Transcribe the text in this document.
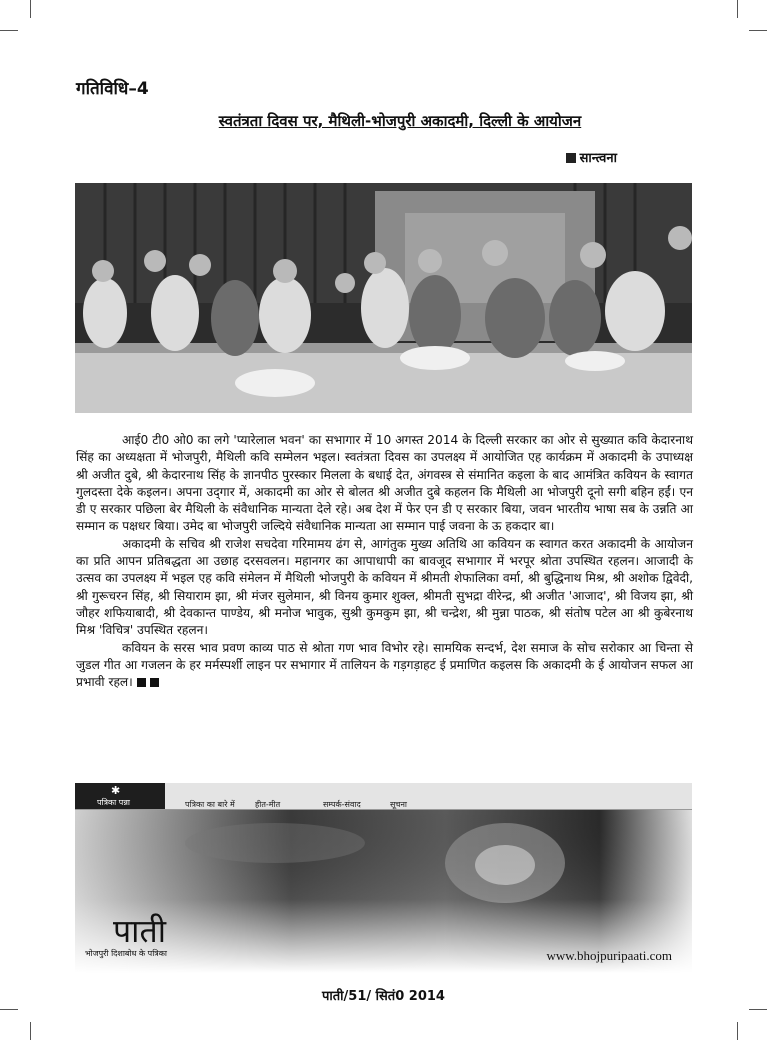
गतिविधि–4
स्वतंत्रता दिवस पर, मैथिली-भोजपुरी अकादमी, दिल्ली के आयोजन
सान्त्वना

आई0 टी0 ओ0 का लगे 'प्यारेलाल भवन' का सभागार में 10 अगस्त 2014 के दिल्ली सरकार का ओर से सुख्यात कवि केदारनाथ सिंह का अध्यक्षता में भोजपुरी, मैथिली कवि सम्मेलन भइल। स्वतंत्रता दिवस का उपलक्ष्य में आयोजित एह कार्यक्रम में अकादमी के उपाध्यक्ष श्री अजीत दुबे, श्री केदारनाथ सिंह के ज्ञानपीठ पुरस्कार मिलला के बधाई देत, अंगवस्त्र से संमानित कइला के बाद आमंत्रित कवियन के स्वागत गुलदस्ता देके कइलन। अपना उद्‌गार में, अकादमी का ओर से बोलत श्री अजीत दुबे कहलन कि मैथिली आ भोजपुरी दूनो सगी बहिन हईं। एन डी ए सरकार पछिला बेर मैथिली के संवैधानिक मान्यता देले रहे। अब देश में फेर एन डी ए सरकार बिया, जवन भारतीय भाषा सब के उन्नति आ सम्मान क पक्षधर बिया। उमेद बा भोजपुरी जल्दिये संवैधानिक मान्यता आ सम्मान पाई जवना के ऊ हकदार बा।

अकादमी के सचिव श्री राजेश सचदेवा गरिमामय ढंग से, आगंतुक मुख्य अतिथि आ कवियन क स्वागत करत अकादमी के आयोजन का प्रति आपन प्रतिबद्धता आ उछाह दरसवलन। महानगर का आपाधापी का बावजूद सभागार में भरपूर श्रोता उपस्थित रहलन। आजादी के उत्सव का उपलक्ष्य में भइल एह कवि संमेलन में मैथिली भोजपुरी के कवियन में श्रीमती शेफालिका वर्मा, श्री बुद्धिनाथ मिश्र, श्री अशोक द्विवेदी, श्री गुरूचरन सिंह, श्री सियाराम झा, श्री मंजर सुलेमान, श्री विनय कुमार शुक्ल, श्रीमती सुभद्रा वीरेन्द्र, श्री अजीत 'आजाद', श्री विजय झा, श्री जौहर शफियाबादी, श्री देवकान्त पाण्डेय, श्री मनोज भावुक, सुश्री कुमकुम झा, श्री चन्द्रेश, श्री मुन्ना पाठक, श्री संतोष पटेल आ श्री कुबेरनाथ मिश्र 'विचित्र' उपस्थित रहलन।

कवियन के सरस भाव प्रवण काव्य पाठ से श्रोता गण भाव विभोर रहे। सामयिक सन्दर्भ, देश समाज के सोच सरोकार आ चिन्ता से जुडल गीत आ गजलन के हर मर्मस्पर्शी लाइन पर सभागार में तालियन के गड़गड़ाहट ई प्रमाणित कइलस कि अकादमी के ई आयोजन सफल आ प्रभावी रहल।

✱
पत्रिका पन्ना	पत्रिका का बारे में	हीत-मीत	सम्पर्क-संवाद	सूचना
पाती
भोजपुरी दिशाबोध के पत्रिका	www.bhojpuripaati.com
पाती/51/ सितं0 2014
